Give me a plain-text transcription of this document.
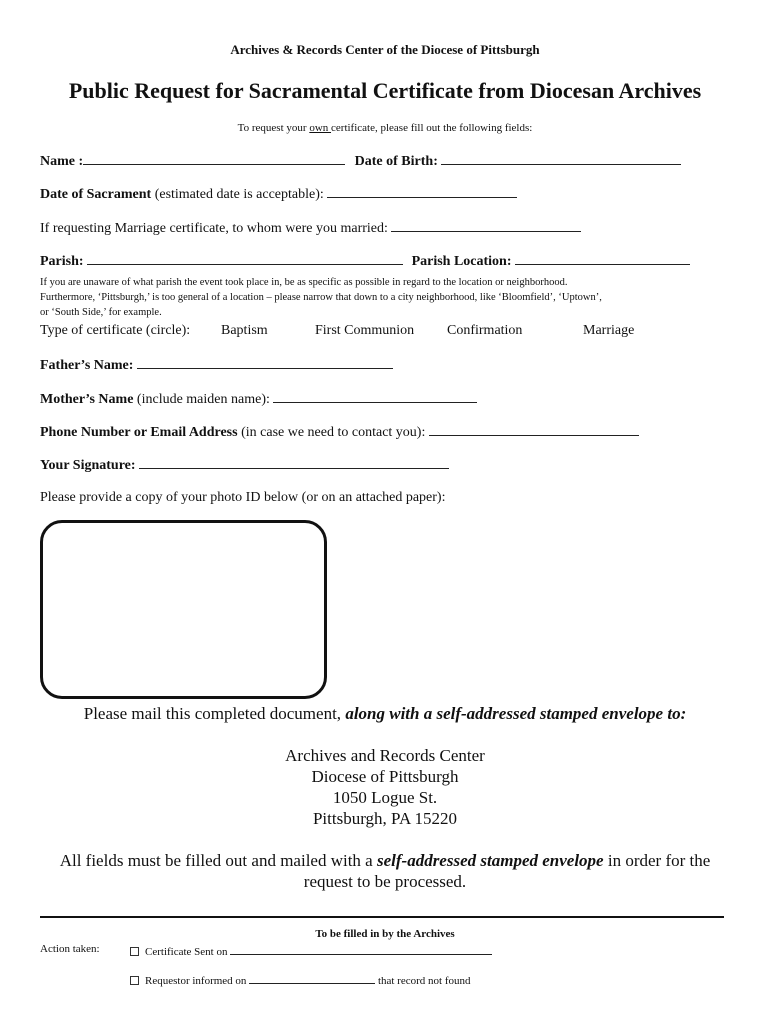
Archives & Records Center of the Diocese of Pittsburgh
Public Request for Sacramental Certificate from Diocesan Archives
To request your own certificate, please fill out the following fields:
Name :	Date of Birth:
Date of Sacrament (estimated date is acceptable):
If requesting Marriage certificate, to whom were you married:
Parish:	Parish Location:
If you are unaware of what parish the event took place in, be as specific as possible in regard to the location or neighborhood.
Furthermore, ‘Pittsburgh,’ is too general of a location – please narrow that down to a city neighborhood, like ‘Bloomfield’, ‘Uptown’,
or ‘South Side,’ for example.
Type of certificate (circle): Baptism	First Communion Confirmation	Marriage
Father’s Name:
Mother’s Name (include maiden name):
Phone Number or Email Address (in case we need to contact you):
Your Signature:
Please provide a copy of your photo ID below (or on an attached paper):
Please mail this completed document, along with a self-addressed stamped envelope to:
Archives and Records Center
Diocese of Pittsburgh
1050 Logue St.
Pittsburgh, PA 15220
All fields must be filled out and mailed with a self-addressed stamped envelope in order for the
request to be processed.
To be filled in by the Archives
Action taken:	Certificate Sent on
Requestor informed on	that record not found
